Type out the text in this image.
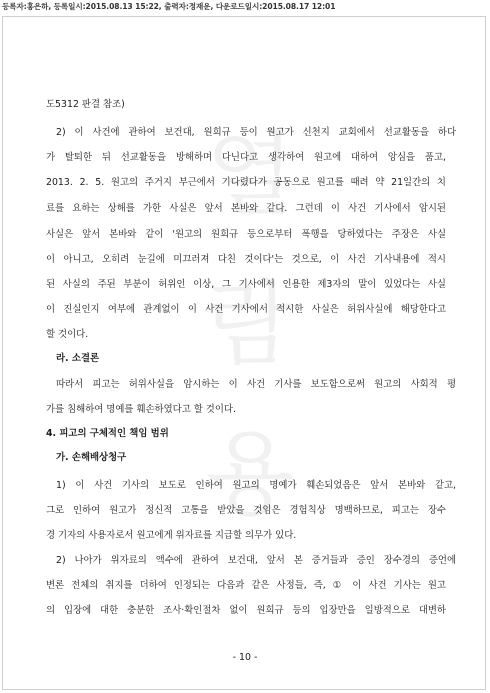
등록자:홍은하, 등록일시:2015.08.13 15:22, 출력자:정재운, 다운로드일시:2015.08.17 12:01
열
람
용
도5312 판결 참조)
2) 이 사건에 관하여 보건대, 원희규 등이 원고가 신천지 교회에서 선교활동을 하다
가 탈퇴한 뒤 선교활동을 방해하며 다닌다고 생각하여 원고에 대하여 앙심을 품고,
2013. 2. 5. 원고의 주거지 부근에서 기다렸다가 공동으로 원고를 때려 약 21일간의 치
료를 요하는 상해를 가한 사실은 앞서 본바와 같다. 그런데 이 사건 기사에서 암시된
사실은 앞서 본바와 같이 '원고의 원희규 등으로부터 폭행을 당하였다는 주장은 사실
이 아니고, 오히려 눈길에 미끄러져 다친 것이다'는 것으로, 이 사건 기사내용에 적시
된 사실의 주된 부분이 허위인 이상, 그 기사에서 인용한 제3자의 말이 있었다는 사실
이 진실인지 여부에 관계없이 이 사건 기사에서 적시한 사실은 허위사실에 해당한다고
할 것이다.
라. 소결론
따라서 피고는 허위사실을 암시하는 이 사건 기사를 보도함으로써 원고의 사회적 평
가를 침해하여 명예를 훼손하였다고 할 것이다.
4. 피고의 구체적인 책임 범위
가. 손해배상청구
1) 이 사건 기사의 보도로 인하여 원고의 명예가 훼손되었음은 앞서 본바와 같고,
그로 인하여 원고가 정신적 고통을 받았을 것임은 경험칙상 명백하므로, 피고는 장수
경 기자의 사용자로서 원고에게 위자료를 지급할 의무가 있다.
2) 나아가 위자료의 액수에 관하여 보건대, 앞서 본 증거들과 증인 장수경의 증언에
변론 전체의 취지를 더하여 인정되는 다음과 같은 사정들, 즉, ① 이 사건 기사는 원고
의 입장에 대한 충분한 조사·확인절차 없이 원희규 등의 입장만을 일방적으로 대변하
- 10 -
